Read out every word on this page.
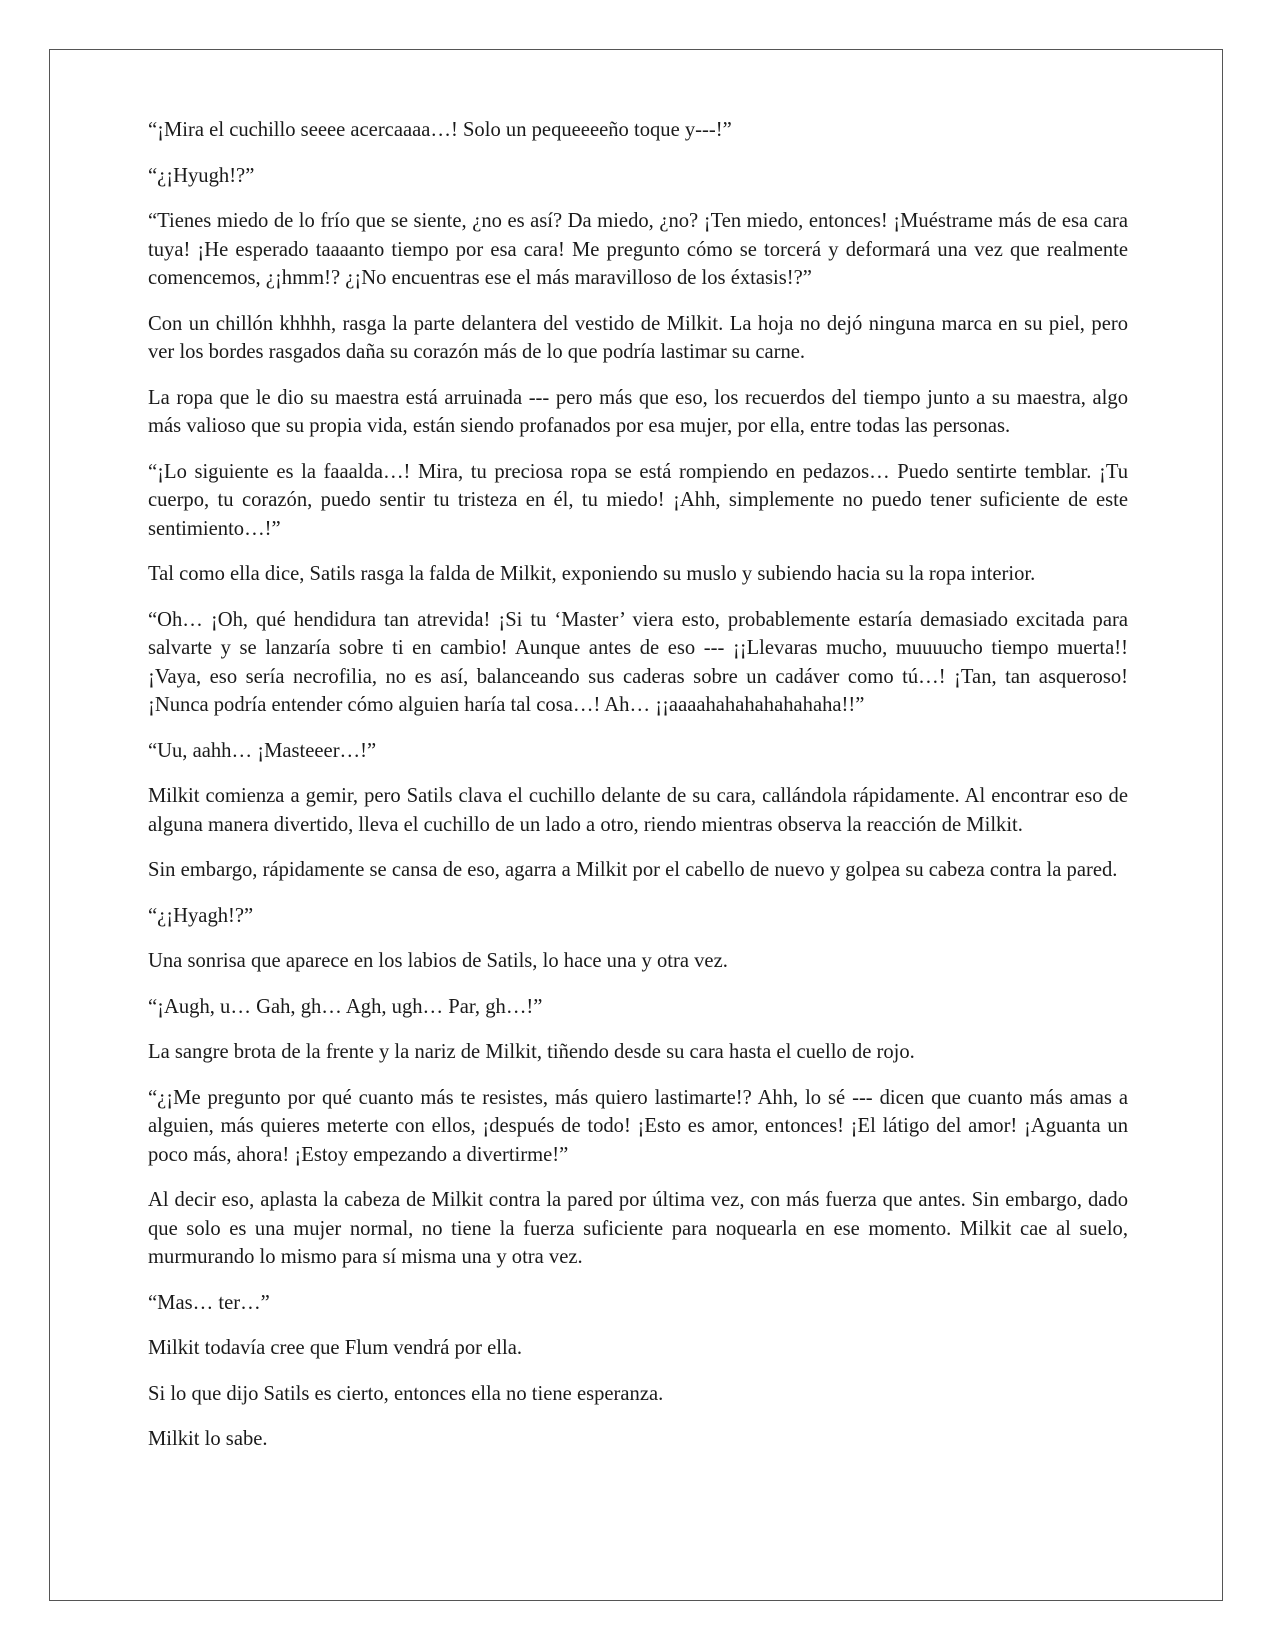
“¡Mira el cuchillo seeee acercaaaa…! Solo un pequeeeeño toque y---!”

“¿¡Hyugh!?”

“Tienes miedo de lo frío que se siente, ¿no es así? Da miedo, ¿no? ¡Ten miedo, entonces! ¡Muéstrame más de esa cara tuya! ¡He esperado taaaanto tiempo por esa cara! Me pregunto cómo se torcerá y deformará una vez que realmente comencemos, ¿¡hmm!? ¿¡No encuentras ese el más maravilloso de los éxtasis!?”

Con un chillón khhhh, rasga la parte delantera del vestido de Milkit. La hoja no dejó ninguna marca en su piel, pero ver los bordes rasgados daña su corazón más de lo que podría lastimar su carne.

La ropa que le dio su maestra está arruinada --- pero más que eso, los recuerdos del tiempo junto a su maestra, algo más valioso que su propia vida, están siendo profanados por esa mujer, por ella, entre todas las personas.

“¡Lo siguiente es la faaalda…! Mira, tu preciosa ropa se está rompiendo en pedazos… Puedo sentirte temblar. ¡Tu cuerpo, tu corazón, puedo sentir tu tristeza en él, tu miedo! ¡Ahh, simplemente no puedo tener suficiente de este sentimiento…!”

Tal como ella dice, Satils rasga la falda de Milkit, exponiendo su muslo y subiendo hacia su la ropa interior.

“Oh… ¡Oh, qué hendidura tan atrevida! ¡Si tu ‘Master’ viera esto, probablemente estaría demasiado excitada para salvarte y se lanzaría sobre ti en cambio! Aunque antes de eso --- ¡¡Llevaras mucho, muuuucho tiempo muerta!! ¡Vaya, eso sería necrofilia, no es así, balanceando sus caderas sobre un cadáver como tú…! ¡Tan, tan asqueroso! ¡Nunca podría entender cómo alguien haría tal cosa…! Ah… ¡¡aaaahahahahahahaha!!”

“Uu, aahh… ¡Masteeer…!”

Milkit comienza a gemir, pero Satils clava el cuchillo delante de su cara, callándola rápidamente. Al encontrar eso de alguna manera divertido, lleva el cuchillo de un lado a otro, riendo mientras observa la reacción de Milkit.

Sin embargo, rápidamente se cansa de eso, agarra a Milkit por el cabello de nuevo y golpea su cabeza contra la pared.

“¿¡Hyagh!?”

Una sonrisa que aparece en los labios de Satils, lo hace una y otra vez.

“¡Augh, u… Gah, gh… Agh, ugh… Par, gh…!”

La sangre brota de la frente y la nariz de Milkit, tiñendo desde su cara hasta el cuello de rojo.

“¿¡Me pregunto por qué cuanto más te resistes, más quiero lastimarte!? Ahh, lo sé --- dicen que cuanto más amas a alguien, más quieres meterte con ellos, ¡después de todo! ¡Esto es amor, entonces! ¡El látigo del amor! ¡Aguanta un poco más, ahora! ¡Estoy empezando a divertirme!”

Al decir eso, aplasta la cabeza de Milkit contra la pared por última vez, con más fuerza que antes. Sin embargo, dado que solo es una mujer normal, no tiene la fuerza suficiente para noquearla en ese momento. Milkit cae al suelo, murmurando lo mismo para sí misma una y otra vez.

“Mas… ter…”

Milkit todavía cree que Flum vendrá por ella.

Si lo que dijo Satils es cierto, entonces ella no tiene esperanza.

Milkit lo sabe.
